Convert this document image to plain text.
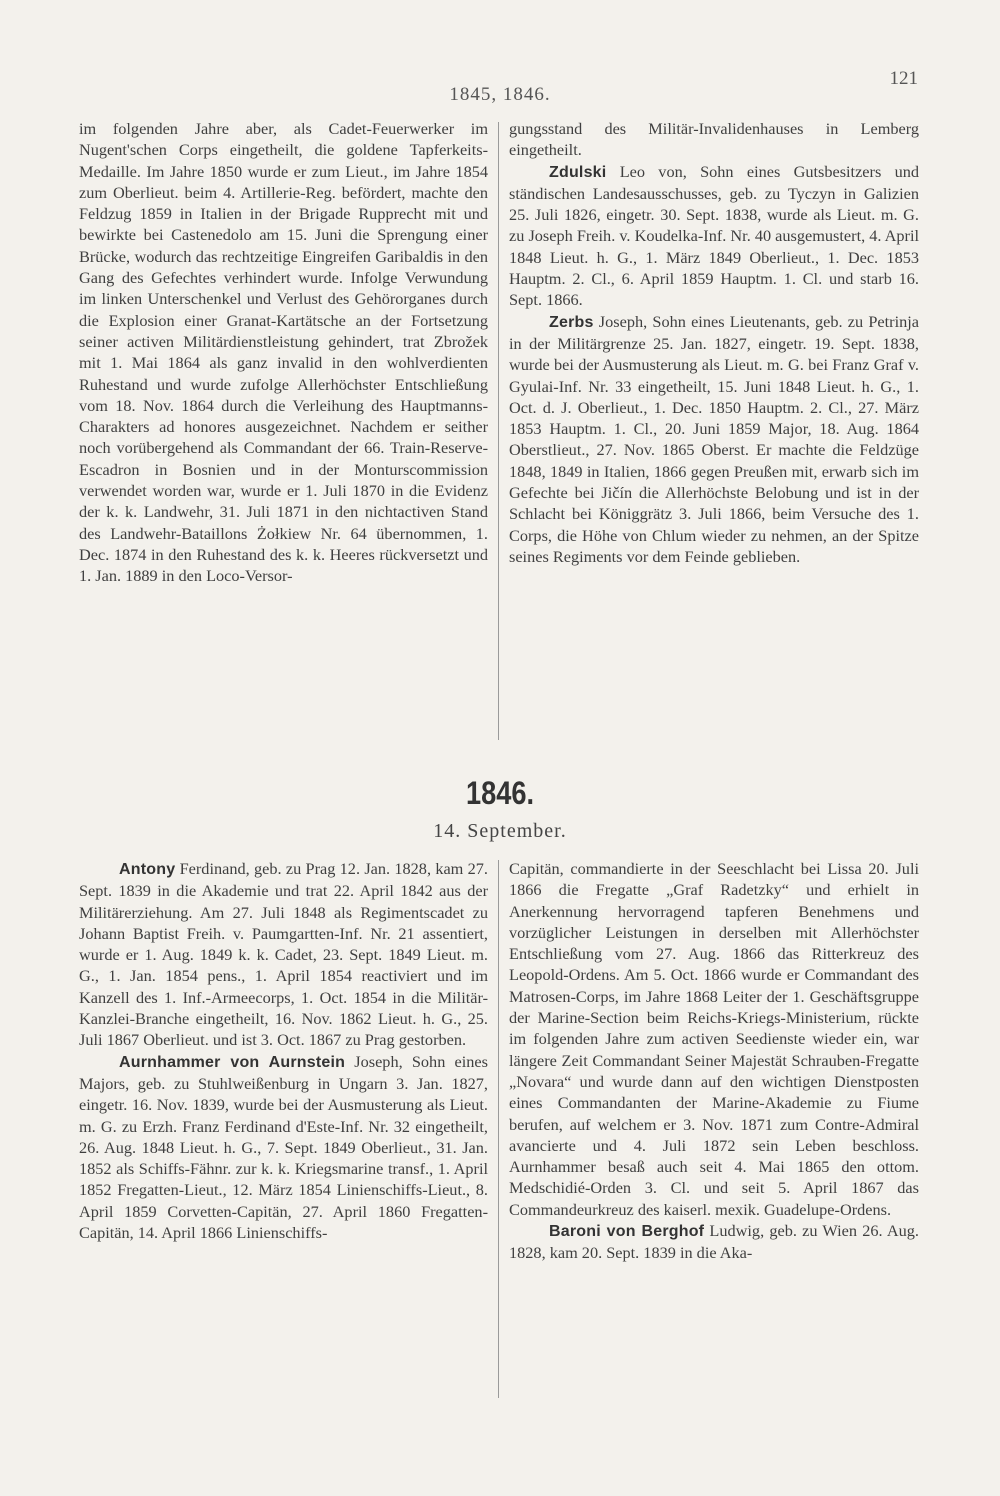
1845, 1846.
121

im folgenden Jahre aber, als Cadet-Feuerwerker im Nugent'schen Corps eingetheilt, die goldene Tapferkeits-Medaille. Im Jahre 1850 wurde er zum Lieut., im Jahre 1854 zum Oberlieut. beim 4. Artillerie-Reg. befördert, machte den Feldzug 1859 in Italien in der Brigade Rupprecht mit und bewirkte bei Castenedolo am 15. Juni die Sprengung einer Brücke, wodurch das rechtzeitige Eingreifen Garibaldis in den Gang des Gefechtes verhindert wurde. Infolge Verwundung im linken Unterschenkel und Verlust des Gehörorganes durch die Explosion einer Granat-Kartätsche an der Fortsetzung seiner activen Militärdienstleistung gehindert, trat Zbrožek mit 1. Mai 1864 als ganz invalid in den wohlverdienten Ruhestand und wurde zufolge Allerhöchster Entschließung vom 18. Nov. 1864 durch die Verleihung des Hauptmanns-Charakters ad honores ausgezeichnet. Nachdem er seither noch vorübergehend als Commandant der 66. Train-Reserve-Escadron in Bosnien und in der Monturscommission verwendet worden war, wurde er 1. Juli 1870 in die Evidenz der k. k. Landwehr, 31. Juli 1871 in den nichtactiven Stand des Landwehr-Bataillons Żołkiew Nr. 64 übernommen, 1. Dec. 1874 in den Ruhestand des k. k. Heeres rückversetzt und 1. Jan. 1889 in den Loco-Versor-

gungsstand des Militär-Invalidenhauses in Lemberg eingetheilt.

Zdulski Leo von, Sohn eines Gutsbesitzers und ständischen Landesausschusses, geb. zu Tyczyn in Galizien 25. Juli 1826, eingetr. 30. Sept. 1838, wurde als Lieut. m. G. zu Joseph Freih. v. Koudelka-Inf. Nr. 40 ausgemustert, 4. April 1848 Lieut. h. G., 1. März 1849 Oberlieut., 1. Dec. 1853 Hauptm. 2. Cl., 6. April 1859 Hauptm. 1. Cl. und starb 16. Sept. 1866.

Zerbs Joseph, Sohn eines Lieutenants, geb. zu Petrinja in der Militärgrenze 25. Jan. 1827, eingetr. 19. Sept. 1838, wurde bei der Ausmusterung als Lieut. m. G. bei Franz Graf v. Gyulai-Inf. Nr. 33 eingetheilt, 15. Juni 1848 Lieut. h. G., 1. Oct. d. J. Oberlieut., 1. Dec. 1850 Hauptm. 2. Cl., 27. März 1853 Hauptm. 1. Cl., 20. Juni 1859 Major, 18. Aug. 1864 Oberstlieut., 27. Nov. 1865 Oberst. Er machte die Feldzüge 1848, 1849 in Italien, 1866 gegen Preußen mit, erwarb sich im Gefechte bei Jičín die Allerhöchste Belobung und ist in der Schlacht bei Königgrätz 3. Juli 1866, beim Versuche des 1. Corps, die Höhe von Chlum wieder zu nehmen, an der Spitze seines Regiments vor dem Feinde geblieben.

1846.
14. September.

Antony Ferdinand, geb. zu Prag 12. Jan. 1828, kam 27. Sept. 1839 in die Akademie und trat 22. April 1842 aus der Militärerziehung. Am 27. Juli 1848 als Regimentscadet zu Johann Baptist Freih. v. Paumgartten-Inf. Nr. 21 assentiert, wurde er 1. Aug. 1849 k. k. Cadet, 23. Sept. 1849 Lieut. m. G., 1. Jan. 1854 pens., 1. April 1854 reactiviert und im Kanzell des 1. Inf.-Armeecorps, 1. Oct. 1854 in die Militär-Kanzlei-Branche eingetheilt, 16. Nov. 1862 Lieut. h. G., 25. Juli 1867 Oberlieut. und ist 3. Oct. 1867 zu Prag gestorben.

Aurnhammer von Aurnstein Joseph, Sohn eines Majors, geb. zu Stuhlweißenburg in Ungarn 3. Jan. 1827, eingetr. 16. Nov. 1839, wurde bei der Ausmusterung als Lieut. m. G. zu Erzh. Franz Ferdinand d'Este-Inf. Nr. 32 eingetheilt, 26. Aug. 1848 Lieut. h. G., 7. Sept. 1849 Oberlieut., 31. Jan. 1852 als Schiffs-Fähnr. zur k. k. Kriegsmarine transf., 1. April 1852 Fregatten-Lieut., 12. März 1854 Linienschiffs-Lieut., 8. April 1859 Corvetten-Capitän, 27. April 1860 Fregatten-Capitän, 14. April 1866 Linienschiffs-

Capitän, commandierte in der Seeschlacht bei Lissa 20. Juli 1866 die Fregatte „Graf Radetzky“ und erhielt in Anerkennung hervorragend tapferen Benehmens und vorzüglicher Leistungen in derselben mit Allerhöchster Entschließung vom 27. Aug. 1866 das Ritterkreuz des Leopold-Ordens. Am 5. Oct. 1866 wurde er Commandant des Matrosen-Corps, im Jahre 1868 Leiter der 1. Geschäftsgruppe der Marine-Section beim Reichs-Kriegs-Ministerium, rückte im folgenden Jahre zum activen Seedienste wieder ein, war längere Zeit Commandant Seiner Majestät Schrauben-Fregatte „Novara“ und wurde dann auf den wichtigen Dienstposten eines Commandanten der Marine-Akademie zu Fiume berufen, auf welchem er 3. Nov. 1871 zum Contre-Admiral avancierte und 4. Juli 1872 sein Leben beschloss. Aurnhammer besaß auch seit 4. Mai 1865 den ottom. Medschidié-Orden 3. Cl. und seit 5. April 1867 das Commandeurkreuz des kaiserl. mexik. Guadelupe-Ordens.

Baroni von Berghof Ludwig, geb. zu Wien 26. Aug. 1828, kam 20. Sept. 1839 in die Aka-
